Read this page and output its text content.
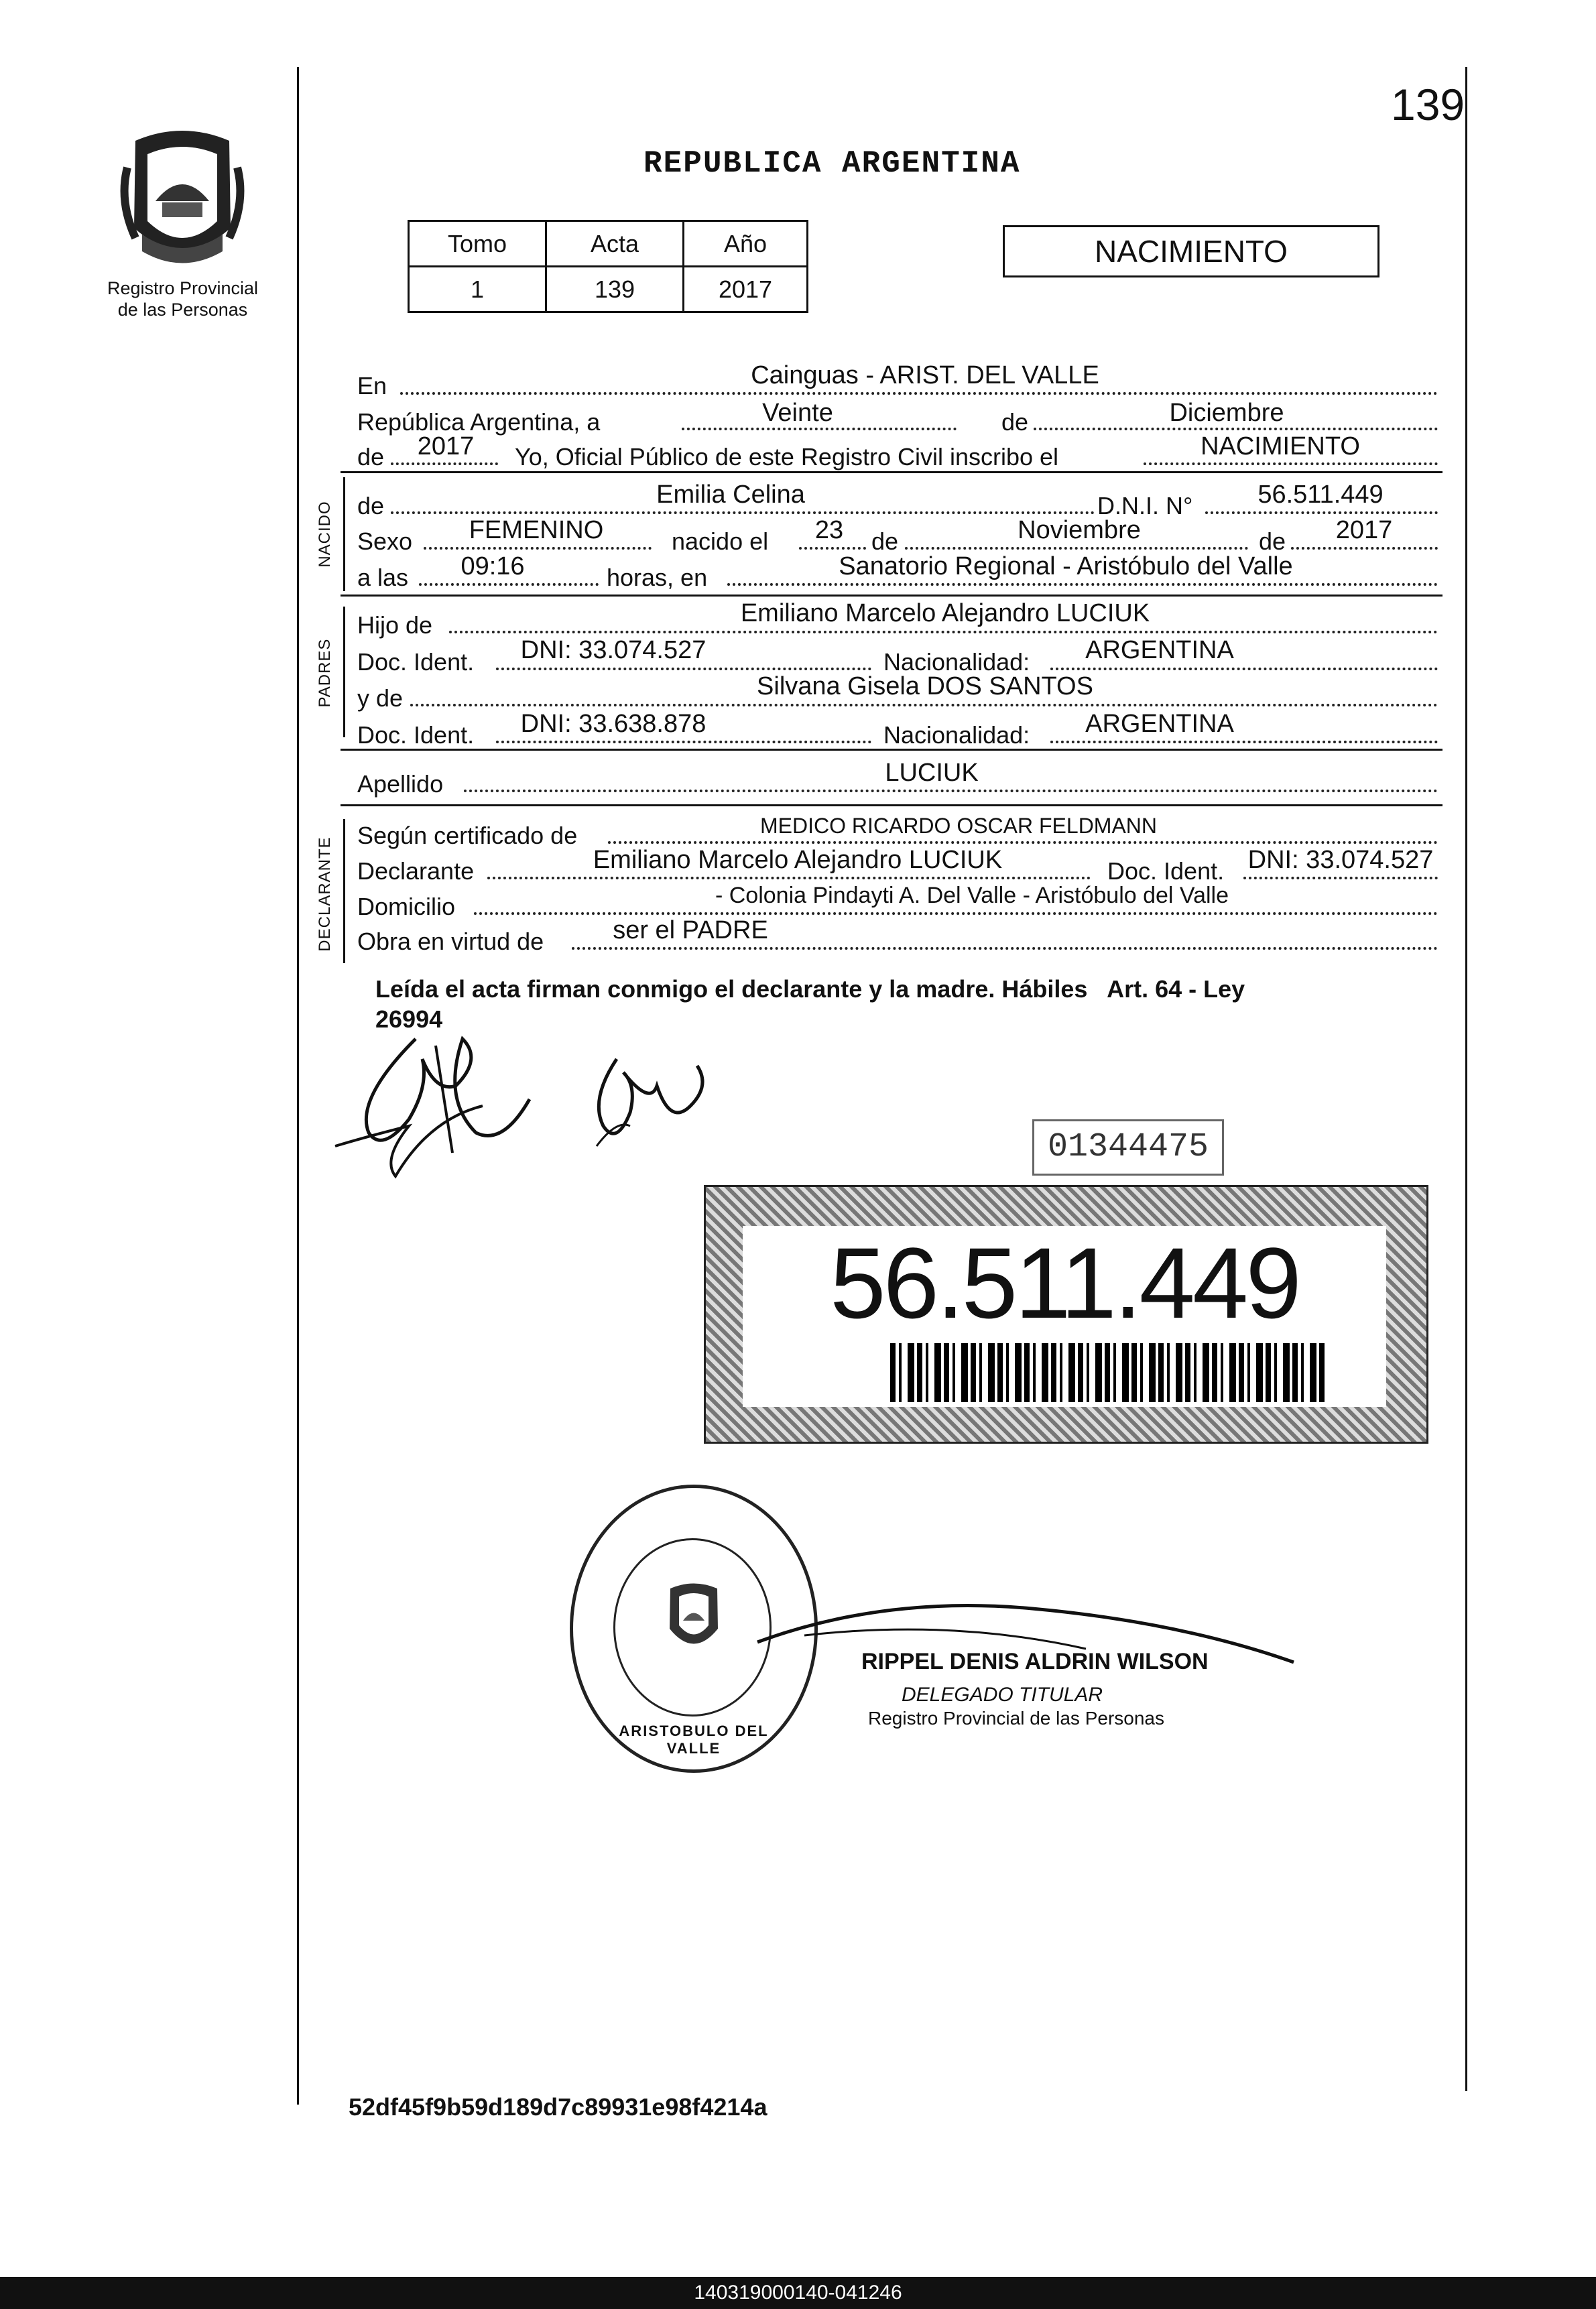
139
Registro Provincial
de las Personas
REPUBLICA ARGENTINA
Tomo	Acta	Año
1	139	2017
NACIMIENTO
En	Cainguas - ARIST. DEL VALLE
República Argentina, a	Veinte	de	Diciembre
de	2017	Yo, Oficial Público de este Registro Civil inscribo el	NACIMIENTO
NACIDO de	Emilia Celina	D.N.I. N°	56.511.449
Sexo	FEMENINO	nacido el	23	de	Noviembre	de	2017
a las	09:16	horas, en	Sanatorio Regional - Aristóbulo del Valle
PADRES
Hijo de	Emiliano Marcelo Alejandro LUCIUK
Doc. Ident.	DNI: 33.074.527	Nacionalidad:	ARGENTINA
y de	Silvana Gisela DOS SANTOS
Doc. Ident.	DNI: 33.638.878	Nacionalidad:	ARGENTINA
Apellido	LUCIUK
DECLARANTE
Según certificado de	MEDICO RICARDO OSCAR FELDMANN
Declarante	Emiliano Marcelo Alejandro LUCIUK	Doc. Ident. DNI: 33.074.527
Domicilio	- Colonia Pindayti A. Del Valle - Aristóbulo del Valle
Obra en virtud de	ser el PADRE
Leída el acta firman conmigo el declarante y la madre. Hábiles   Art. 64 - Ley
26994
01344475
56.511.449
ARISTOBULO DEL VALLE
RIPPEL DENIS ALDRIN WILSON
DELEGADO TITULAR
Registro Provincial de las Personas
52df45f9b59d189d7c89931e98f4214a
140319000140-041246
